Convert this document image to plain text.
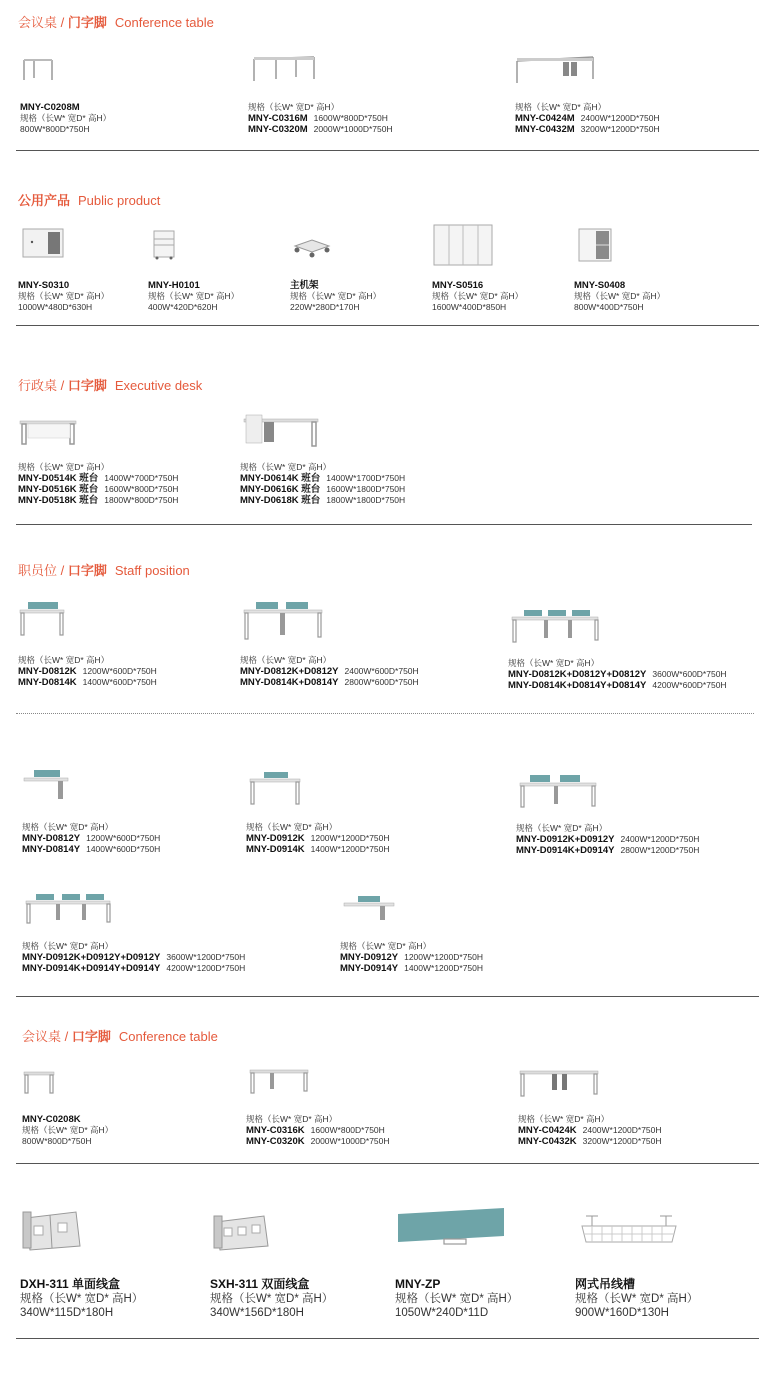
会议桌 / 门字脚 Conference table
MNY-C0208M
规格（长W* 宽D* 高H）
800W*800D*750H
规格（长W* 宽D* 高H）
MNY-C0316M 1600W*800D*750H
MNY-C0320M 2000W*1000D*750H
规格（长W* 宽D* 高H）
MNY-C0424M 2400W*1200D*750H
MNY-C0432M 3200W*1200D*750H
公用产品 Public product
MNY-S0310
规格（长W* 宽D* 高H）
1000W*480D*630H
MNY-H0101
规格（长W* 宽D* 高H）
400W*420D*620H
主机架
规格（长W* 宽D* 高H）
220W*280D*170H
MNY-S0516
规格（长W* 宽D* 高H）
1600W*400D*850H
MNY-S0408
规格（长W* 宽D* 高H）
800W*400D*750H
行政桌 / 口字脚 Executive desk
规格（长W* 宽D* 高H）
MNY-D0514K 班台 1400W*700D*750H
MNY-D0516K 班台 1600W*800D*750H
MNY-D0518K 班台 1800W*800D*750H
规格（长W* 宽D* 高H）
MNY-D0614K 班台 1400W*1700D*750H
MNY-D0616K 班台 1600W*1800D*750H
MNY-D0618K 班台 1800W*1800D*750H
职员位 / 口字脚 Staff position
规格（长W* 宽D* 高H）
MNY-D0812K 1200W*600D*750H
MNY-D0814K 1400W*600D*750H
规格（长W* 宽D* 高H）
MNY-D0812K+D0812Y 2400W*600D*750H
MNY-D0814K+D0814Y 2800W*600D*750H
规格（长W* 宽D* 高H）
MNY-D0812K+D0812Y+D0812Y 3600W*600D*750H
MNY-D0814K+D0814Y+D0814Y 4200W*600D*750H
规格（长W* 宽D* 高H）
MNY-D0812Y 1200W*600D*750H
MNY-D0814Y 1400W*600D*750H
规格（长W* 宽D* 高H）
MNY-D0912K 1200W*1200D*750H
MNY-D0914K 1400W*1200D*750H
规格（长W* 宽D* 高H）
MNY-D0912K+D0912Y 2400W*1200D*750H
MNY-D0914K+D0914Y 2800W*1200D*750H
规格（长W* 宽D* 高H）
MNY-D0912K+D0912Y+D0912Y 3600W*1200D*750H
MNY-D0914K+D0914Y+D0914Y 4200W*1200D*750H
规格（长W* 宽D* 高H）
MNY-D0912Y 1200W*1200D*750H
MNY-D0914Y 1400W*1200D*750H
会议桌 / 口字脚 Conference table
MNY-C0208K
规格（长W* 宽D* 高H）
800W*800D*750H
规格（长W* 宽D* 高H）
MNY-C0316K 1600W*800D*750H
MNY-C0320K 2000W*1000D*750H
规格（长W* 宽D* 高H）
MNY-C0424K 2400W*1200D*750H
MNY-C0432K 3200W*1200D*750H
DXH-311 单面线盒
规格（长W* 宽D* 高H）
340W*115D*180H
SXH-311 双面线盒
规格（长W* 宽D* 高H）
340W*156D*180H
MNY-ZP
规格（长W* 宽D* 高H）
1050W*240D*11D
网式吊线槽
规格（长W* 宽D* 高H）
900W*160D*130H
